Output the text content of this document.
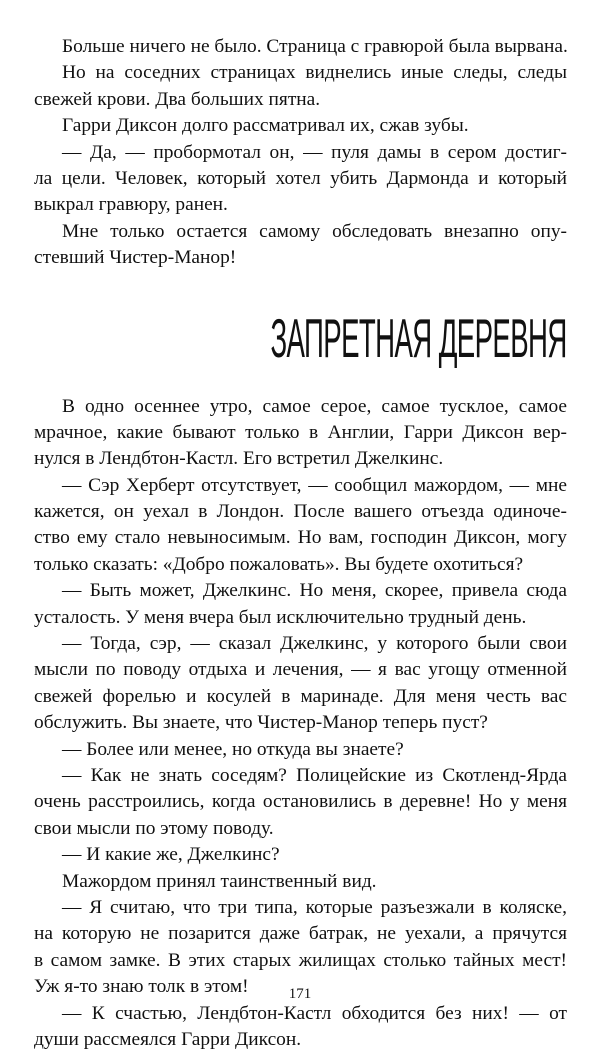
Больше ничего не было. Страница с гравюрой была вырвана.

Но на соседних страницах виднелись иные следы, следы
свежей крови. Два больших пятна.

Гарри Диксон долго рассматривал их, сжав зубы.

— Да, — пробормотал он, — пуля дамы в сером достиг-
ла цели. Человек, который хотел убить Дармонда и который
выкрал гравюру, ранен.

Мне только остается самому обследовать внезапно опу-
стевший Чистер-Манор!

ЗАПРЕТНАЯ ДЕРЕВНЯ

В одно осеннее утро, самое серое, самое тусклое, самое
мрачное, какие бывают только в Англии, Гарри Диксон вер-
нулся в Лендбтон-Кастл. Его встретил Джелкинс.

— Сэр Херберт отсутствует, — сообщил мажордом, — мне
кажется, он уехал в Лондон. После вашего отъезда одиноче-
ство ему стало невыносимым. Но вам, господин Диксон, могу
только сказать: «Добро пожаловать». Вы будете охотиться?

— Быть может, Джелкинс. Но меня, скорее, привела сюда
усталость. У меня вчера был исключительно трудный день.

— Тогда, сэр, — сказал Джелкинс, у которого были свои
мысли по поводу отдыха и лечения, — я вас угощу отменной
свежей форелью и косулей в маринаде. Для меня честь вас
обслужить. Вы знаете, что Чистер-Манор теперь пуст?

— Более или менее, но откуда вы знаете?

— Как не знать соседям? Полицейские из Скотленд-Ярда
очень расстроились, когда остановились в деревне! Но у меня
свои мысли по этому поводу.

— И какие же, Джелкинс?

Мажордом принял таинственный вид.

— Я считаю, что три типа, которые разъезжали в коляске,
на которую не позарится даже батрак, не уехали, а прячутся
в самом замке. В этих старых жилищах столько тайных мест!
Уж я-то знаю толк в этом!

— К счастью, Лендбтон-Кастл обходится без них! — от
души рассмеялся Гарри Диксон.

171
